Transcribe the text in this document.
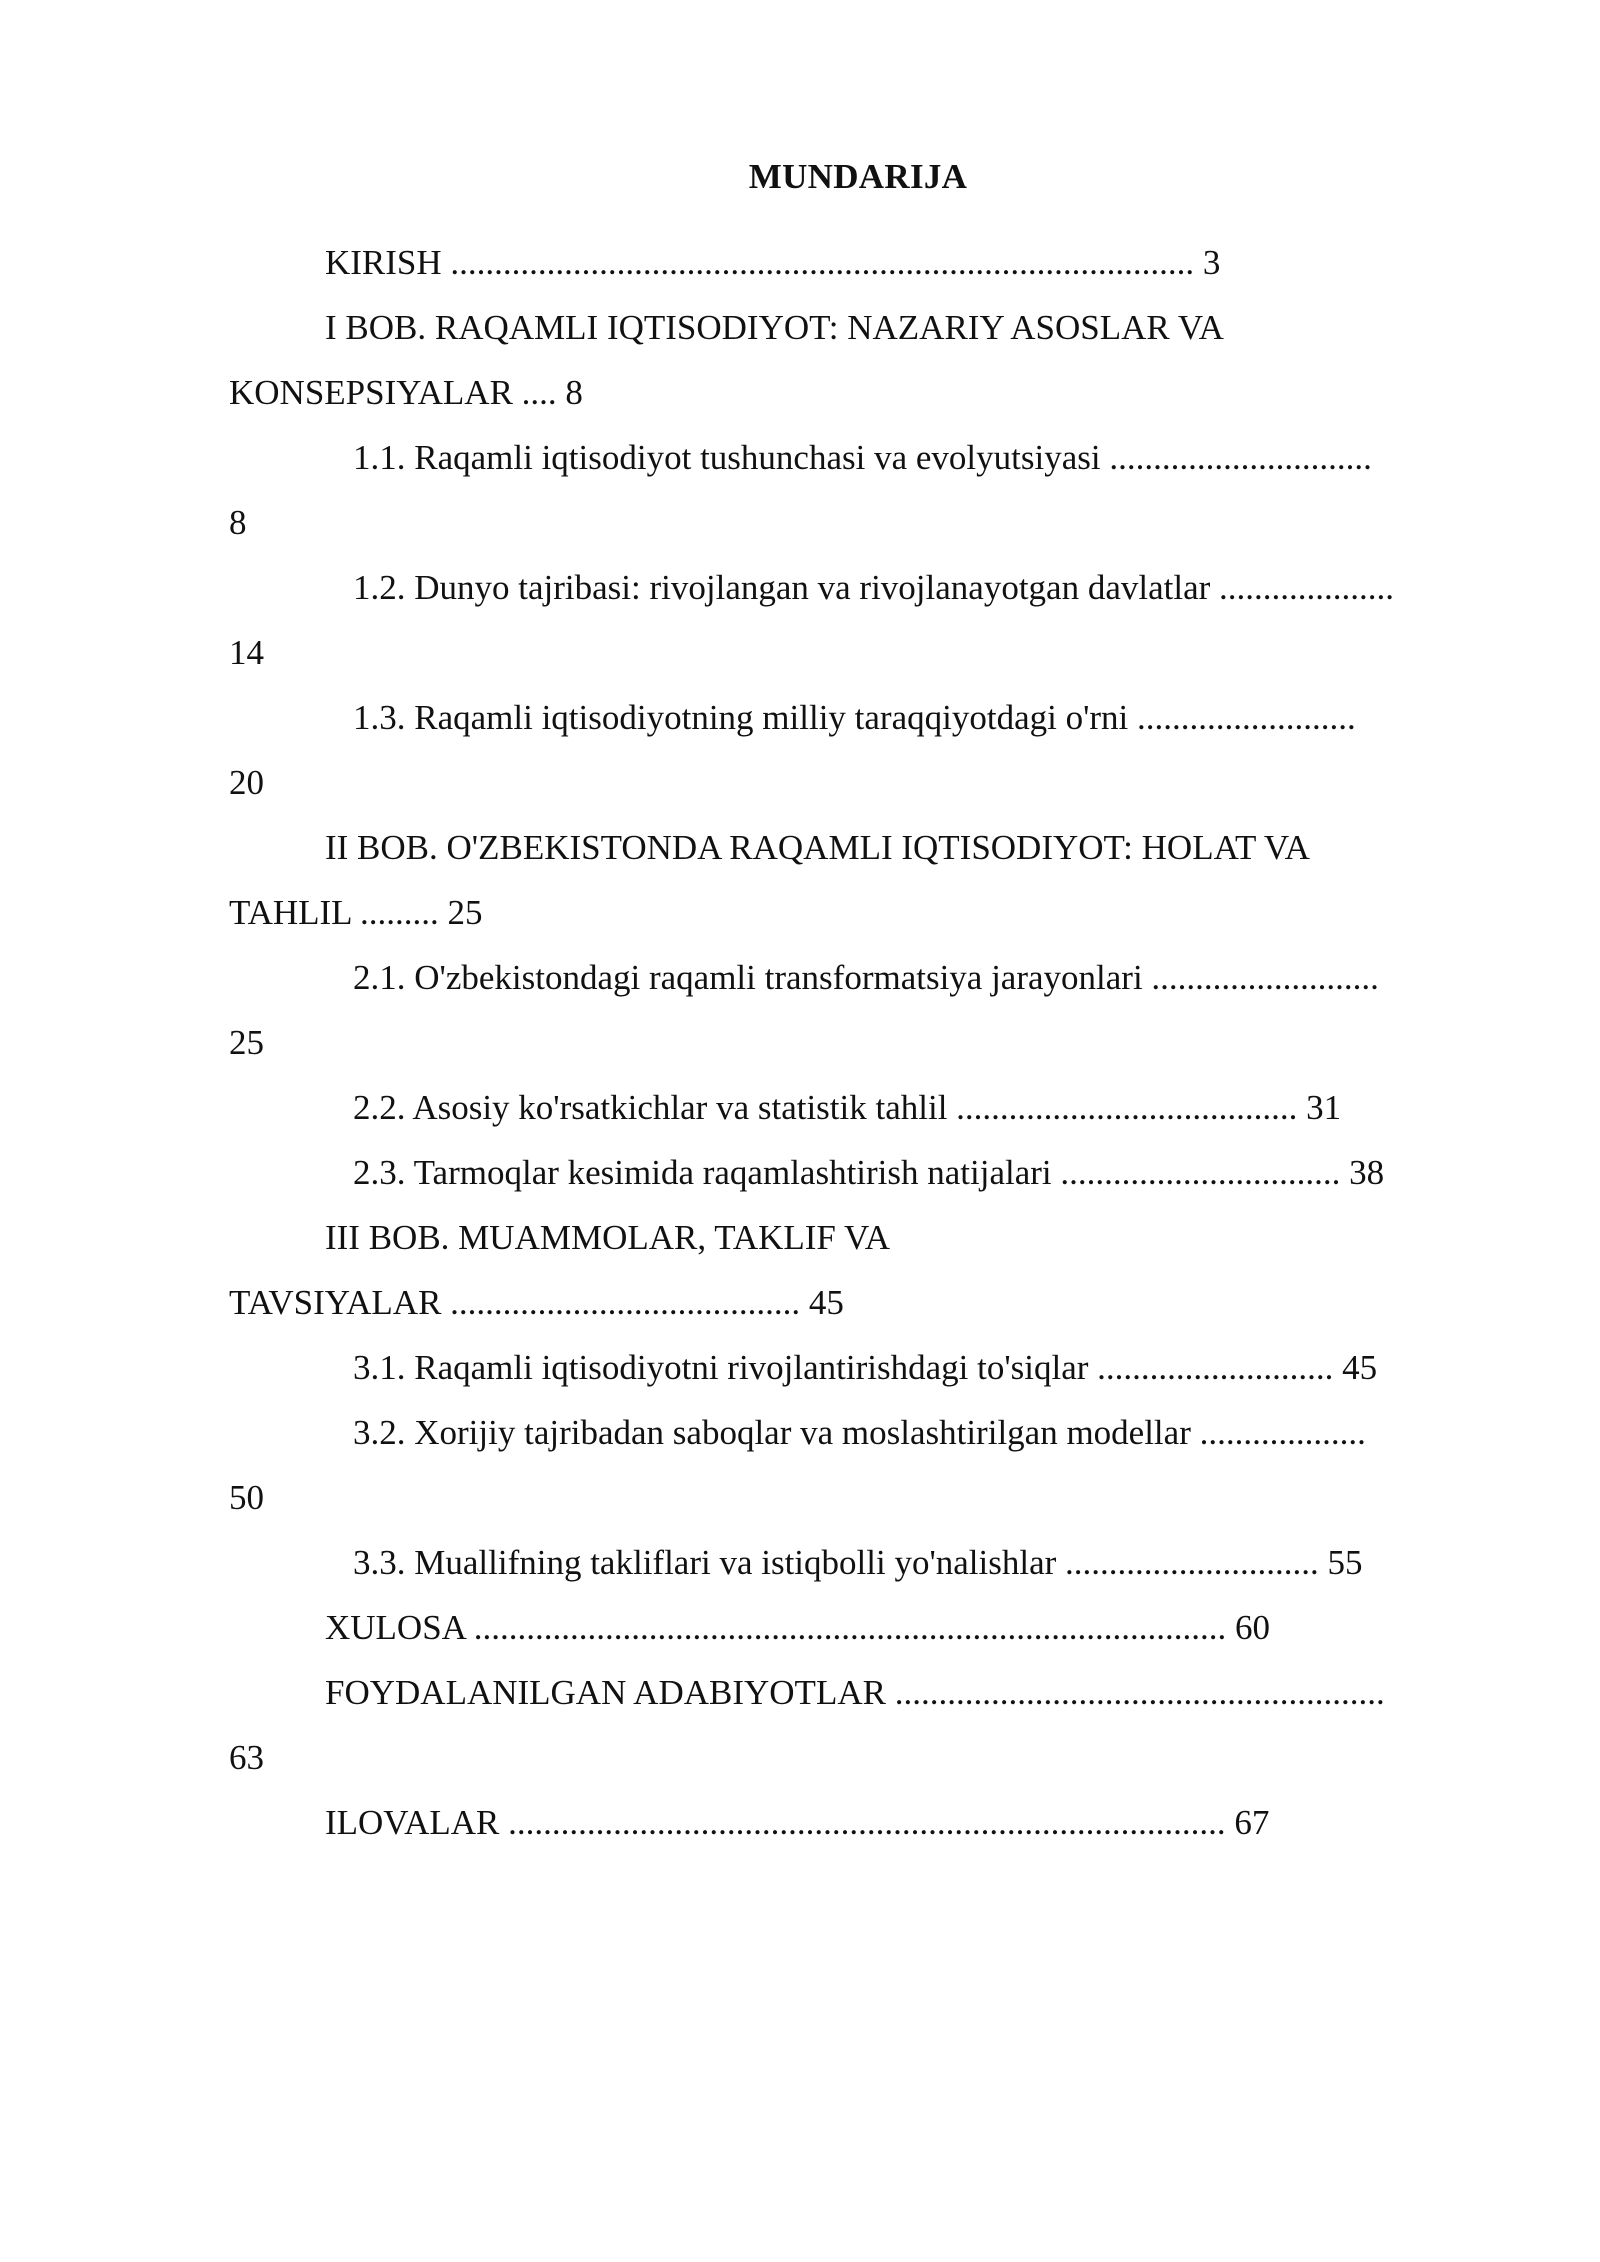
MUNDARIJA
KIRISH ..................................................................................... 3
I BOB. RAQAMLI IQTISODIYOT: NAZARIY ASOSLAR VA
KONSEPSIYALAR .... 8
1.1. Raqamli iqtisodiyot tushunchasi va evolyutsiyasi ..............................
8
1.2. Dunyo tajribasi: rivojlangan va rivojlanayotgan davlatlar ....................
14
1.3. Raqamli iqtisodiyotning milliy taraqqiyotdagi o'rni .........................
20
II BOB. O'ZBEKISTONDA RAQAMLI IQTISODIYOT: HOLAT VA
TAHLIL ......... 25
2.1. O'zbekistondagi raqamli transformatsiya jarayonlari ..........................
25
2.2. Asosiy ko'rsatkichlar va statistik tahlil ....................................... 31
2.3. Tarmoqlar kesimida raqamlashtirish natijalari ................................ 38
III BOB. MUAMMOLAR, TAKLIF VA
TAVSIYALAR ........................................ 45
3.1. Raqamli iqtisodiyotni rivojlantirishdagi to'siqlar ........................... 45
3.2. Xorijiy tajribadan saboqlar va moslashtirilgan modellar ...................
50
3.3. Muallifning takliflari va istiqbolli yo'nalishlar ............................. 55
XULOSA ...................................................................................... 60
FOYDALANILGAN ADABIYOTLAR ........................................................
63
ILOVALAR .................................................................................. 67
